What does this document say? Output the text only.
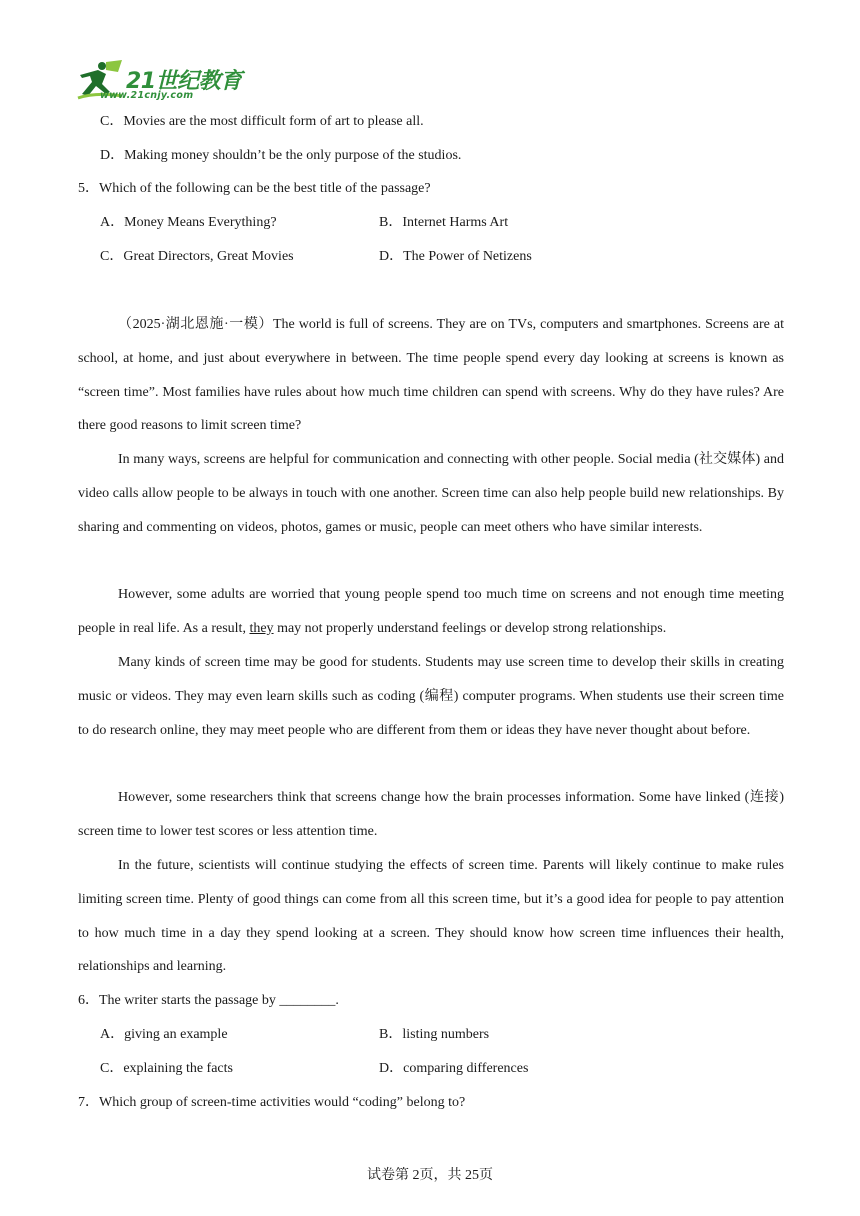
21世纪教育
www.21cnjy.com
C．Movies are the most difficult form of art to please all.
D．Making money shouldn’t be the only purpose of the studios.
5．Which of the following can be the best title of the passage?
A．Money Means Everything?	B．Internet Harms Art
C．Great Directors, Great Movies	D．The Power of Netizens

（2025·湖北恩施·一模）The world is full of screens. They are on TVs, computers and smartphones. Screens are at school, at home, and just about everywhere in between. The time people spend every day looking at screens is known as “screen time”. Most families have rules about how much time children can spend with screens. Why do they have rules? Are there good reasons to limit screen time?

In many ways, screens are helpful for communication and connecting with other people. Social media (社交媒体) and video calls allow people to be always in touch with one another. Screen time can also help people build new relationships. By sharing and commenting on videos, photos, games or music, people can meet others who have similar interests.

However, some adults are worried that young people spend too much time on screens and not enough time meeting people in real life. As a result, they may not properly understand feelings or develop strong relationships.

Many kinds of screen time may be good for students. Students may use screen time to develop their skills in creating music or videos. They may even learn skills such as coding (编程) computer programs. When students use their screen time to do research online, they may meet people who are different from them or ideas they have never thought about before.

However, some researchers think that screens change how the brain processes information. Some have linked (连接) screen time to lower test scores or less attention time.

In the future, scientists will continue studying the effects of screen time. Parents will likely continue to make rules limiting screen time. Plenty of good things can come from all this screen time, but it’s a good idea for people to pay attention to how much time in a day they spend looking at a screen. They should know how screen time influences their health, relationships and learning.

6．The writer starts the passage by ________.
A．giving an example	B．listing numbers
C．explaining the facts	D．comparing differences
7．Which group of screen-time activities would “coding” belong to?
试卷第 2页，共 25页
